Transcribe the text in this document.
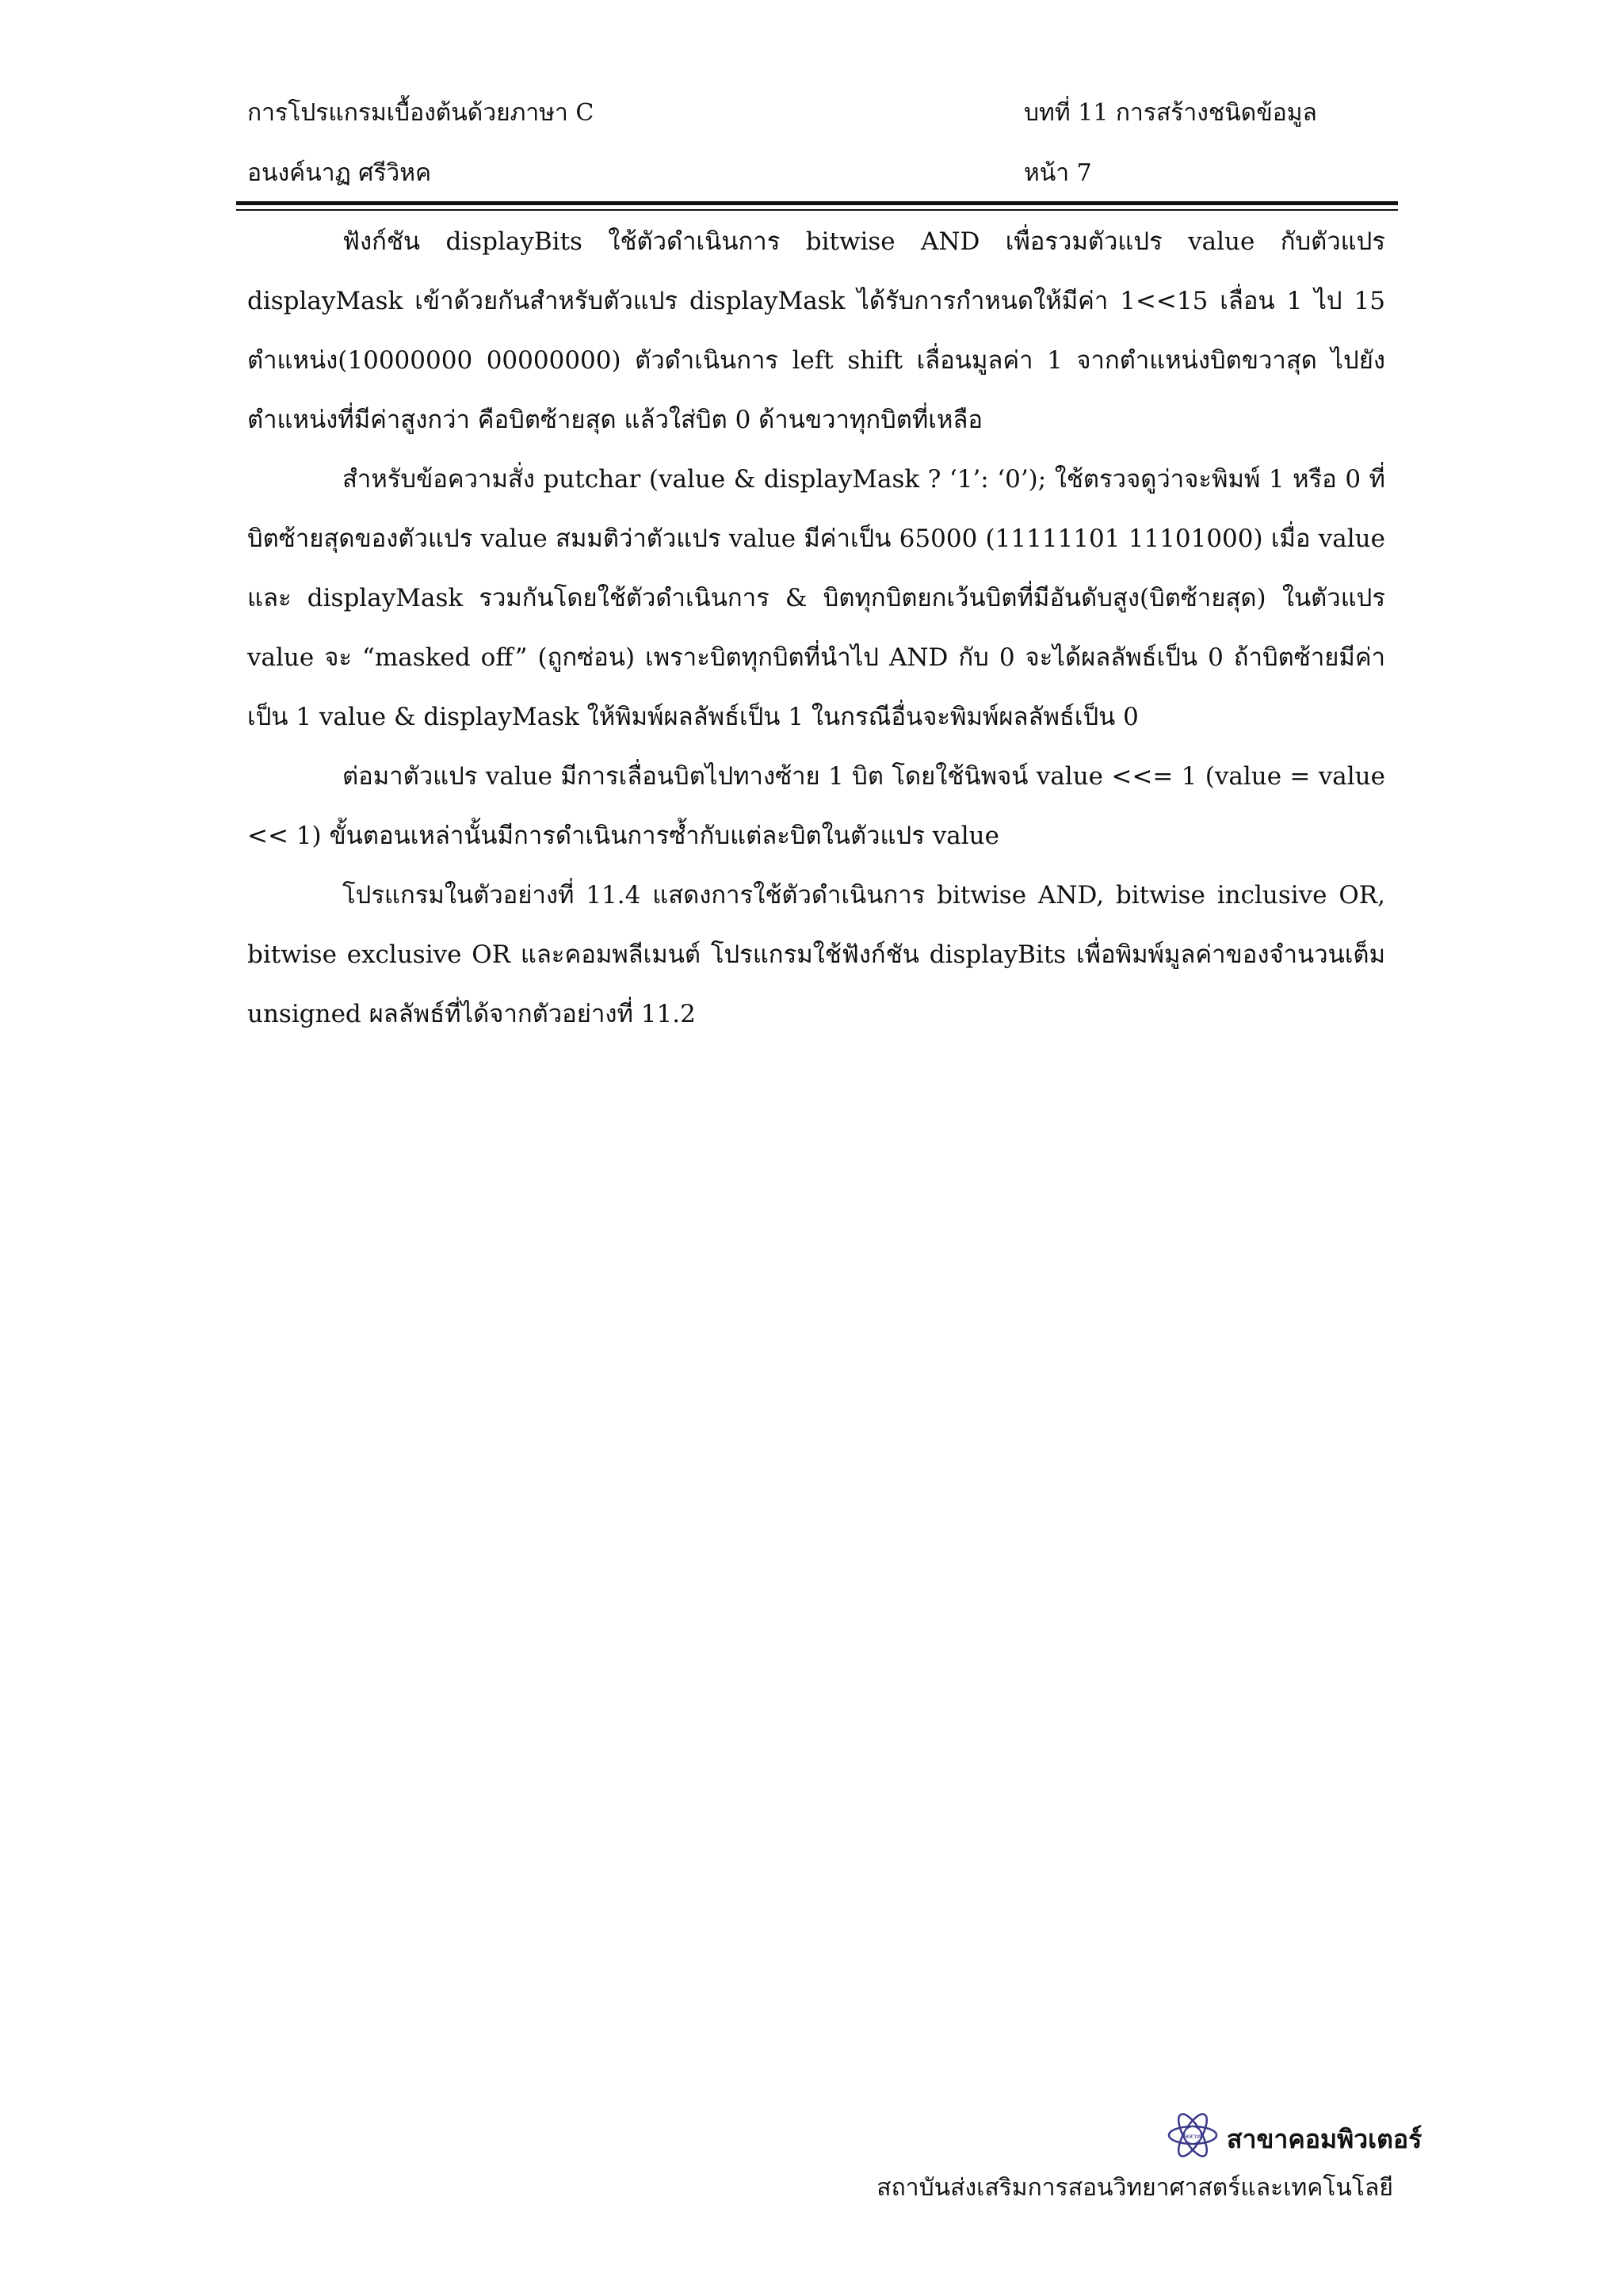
การโปรแกรมเบื้องต้นด้วยภาษา C	บทที่ 11 การสร้างชนิดข้อมูล
อนงค์นาฏ ศรีวิหค	หน้า 7

ฟังก์ชัน displayBits ใช้ตัวดำเนินการ bitwise AND เพื่อรวมตัวแปร value กับตัวแปร displayMask เข้าด้วยกันสำหรับตัวแปร displayMask ได้รับการกำหนดให้มีค่า 1<<15 เลื่อน 1 ไป 15 ตำแหน่ง(10000000 00000000) ตัวดำเนินการ left shift เลื่อนมูลค่า 1 จากตำแหน่งบิตขวาสุด ไปยังตำแหน่งที่มีค่าสูงกว่า คือบิตซ้ายสุด แล้วใส่บิต 0 ด้านขวาทุกบิตที่เหลือ

สำหรับข้อความสั่ง putchar (value & displayMask ? ‘1’: ‘0’); ใช้ตรวจดูว่าจะพิมพ์ 1 หรือ 0 ที่บิตซ้ายสุดของตัวแปร value สมมติว่าตัวแปร value มีค่าเป็น 65000 (11111101 11101000) เมื่อ value และ displayMask รวมกันโดยใช้ตัวดำเนินการ & บิตทุกบิตยกเว้นบิตที่มีอันดับสูง(บิตซ้ายสุด) ในตัวแปร value จะ “masked off” (ถูกซ่อน) เพราะบิตทุกบิตที่นำไป AND กับ 0 จะได้ผลลัพธ์เป็น 0 ถ้าบิตซ้ายมีค่าเป็น 1 value & displayMask ให้พิมพ์ผลลัพธ์เป็น 1 ในกรณีอื่นจะพิมพ์ผลลัพธ์เป็น 0

ต่อมาตัวแปร value มีการเลื่อนบิตไปทางซ้าย 1 บิต โดยใช้นิพจน์ value <<= 1 (value = value << 1) ขั้นตอนเหล่านั้นมีการดำเนินการซ้ำกับแต่ละบิตในตัวแปร value

โปรแกรมในตัวอย่างที่ 11.4 แสดงการใช้ตัวดำเนินการ bitwise AND, bitwise inclusive OR, bitwise exclusive OR และคอมพลีเมนต์ โปรแกรมใช้ฟังก์ชัน displayBits เพื่อพิมพ์มูลค่าของจำนวนเต็ม unsigned ผลลัพธ์ที่ได้จากตัวอย่างที่ 11.2

สสวท สาขาคอมพิวเตอร์
สถาบันส่งเสริมการสอนวิทยาศาสตร์และเทคโนโลยี
